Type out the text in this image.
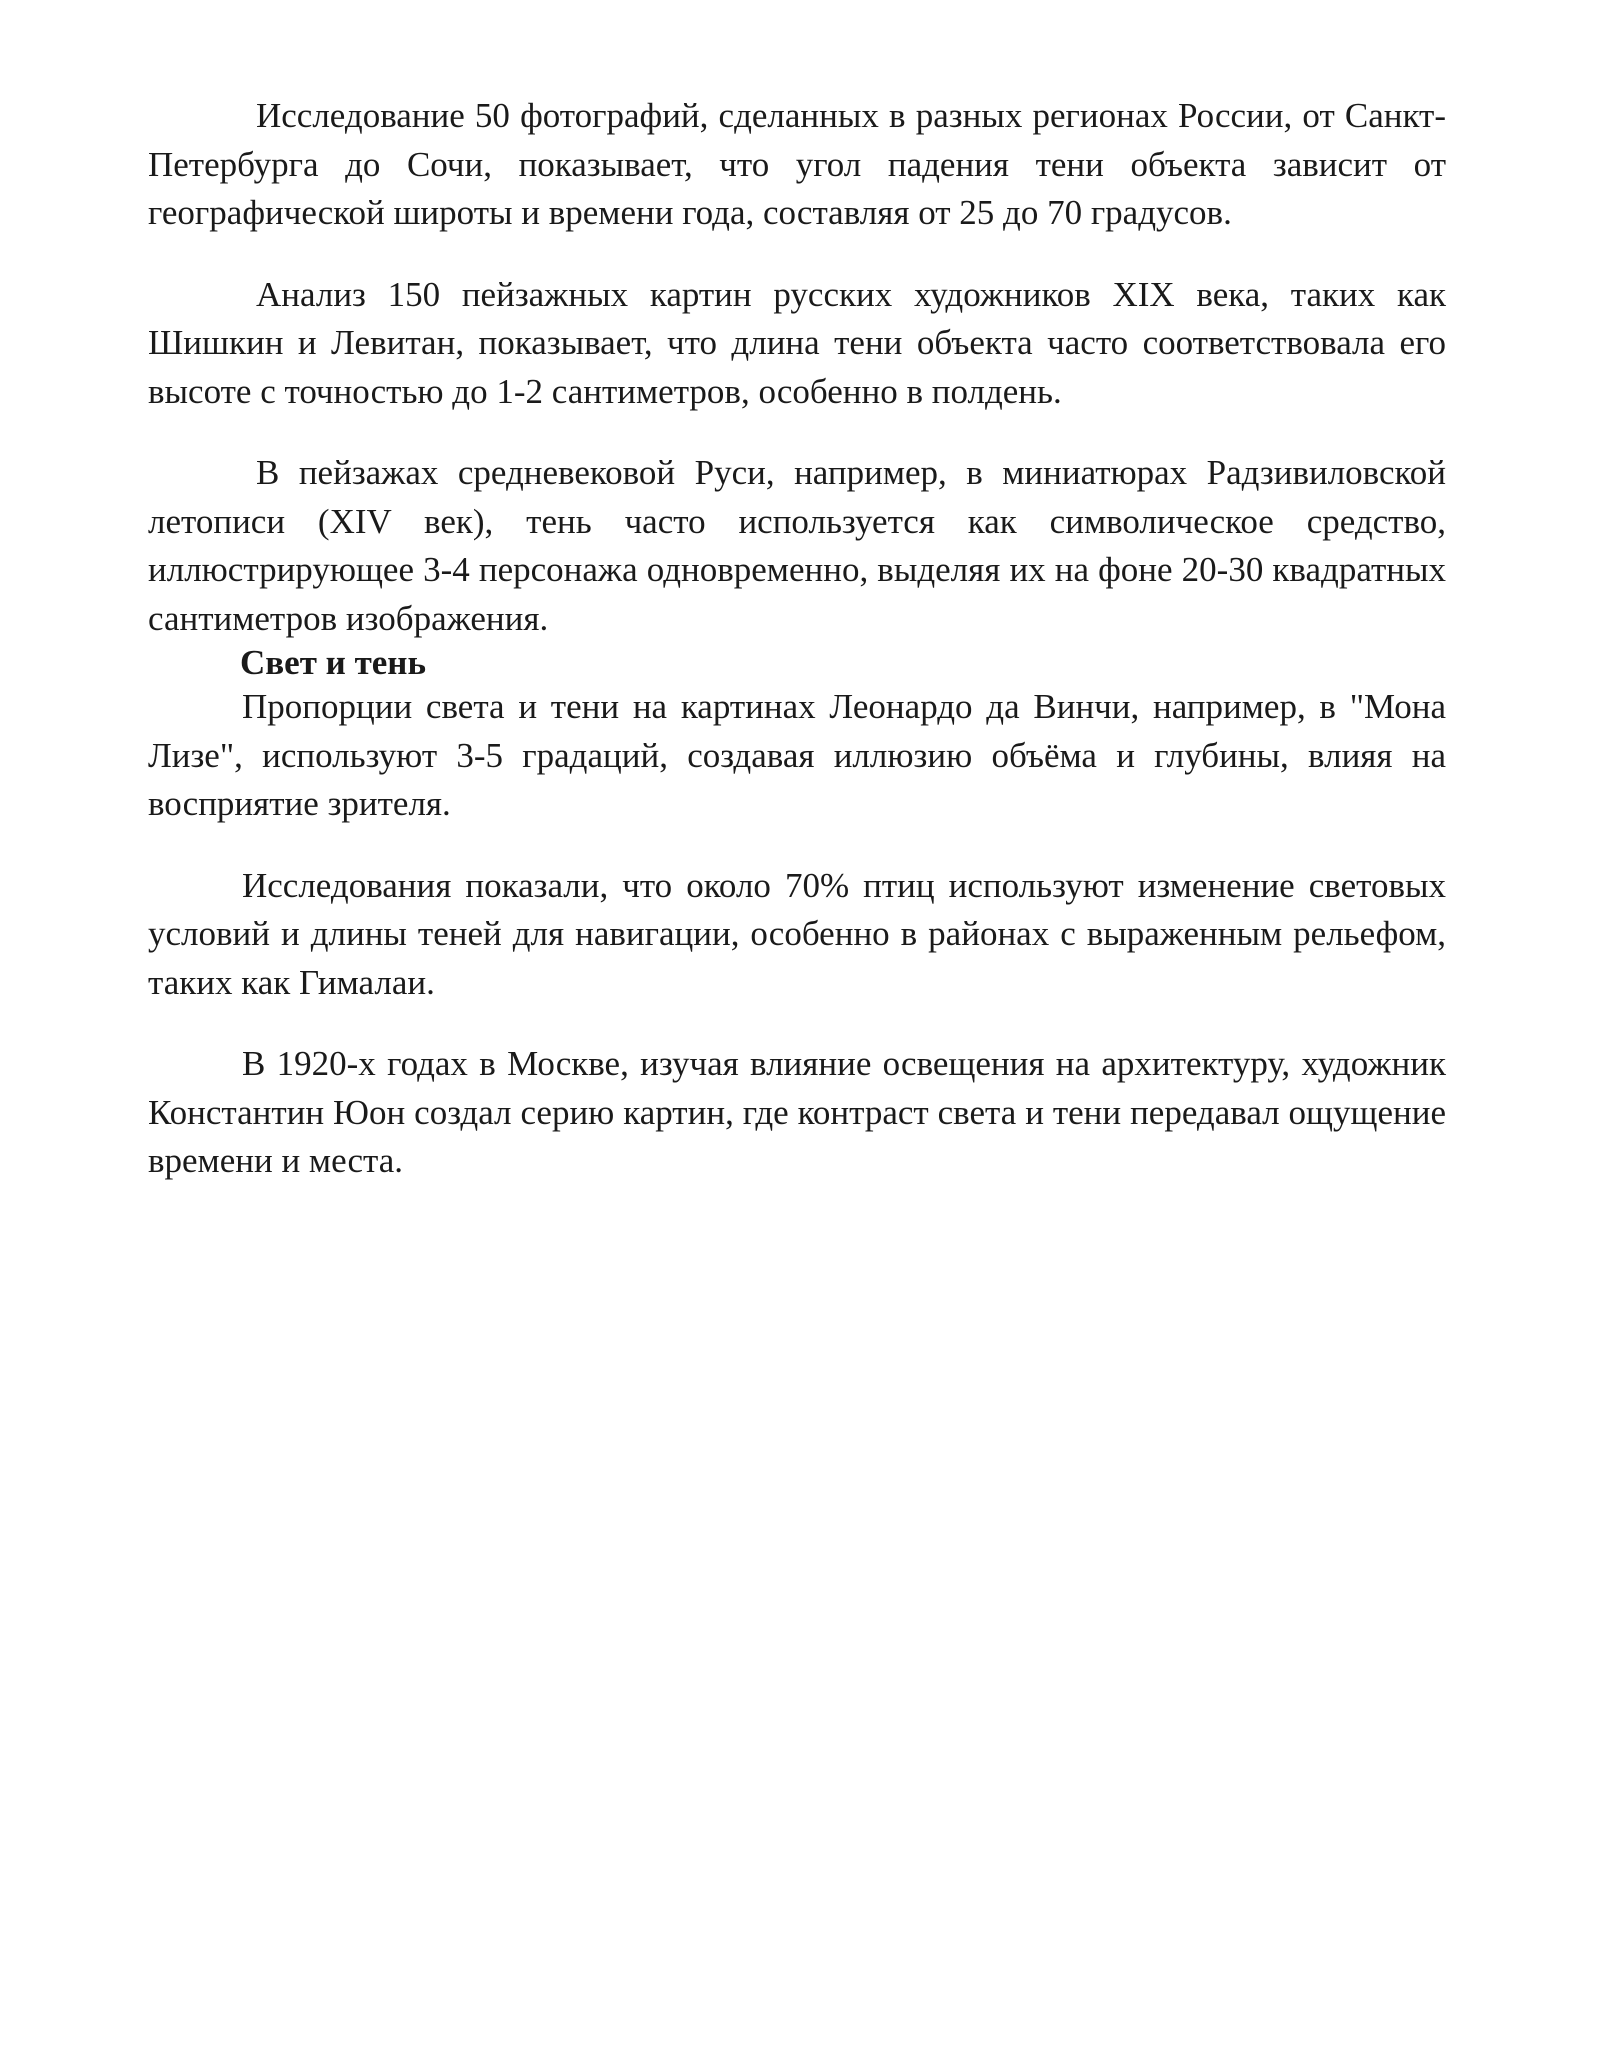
Исследование 50 фотографий, сделанных в разных регионах России, от Санкт-Петербурга до Сочи, показывает, что угол падения тени объекта зависит от географической широты и времени года, составляя от 25 до 70 градусов.

Анализ 150 пейзажных картин русских художников XIX века, таких как Шишкин и Левитан, показывает, что длина тени объекта часто соответствовала его высоте с точностью до 1-2 сантиметров, особенно в полдень.

В пейзажах средневековой Руси, например, в миниатюрах Радзивиловской летописи (XIV век), тень часто используется как символическое средство, иллюстрирующее 3-4 персонажа одновременно, выделяя их на фоне 20-30 квадратных сантиметров изображения.

Свет и тень

Пропорции света и тени на картинах Леонардо да Винчи, например, в "Мона Лизе", используют 3-5 градаций, создавая иллюзию объёма и глубины, влияя на восприятие зрителя.

Исследования показали, что около 70% птиц используют изменение световых условий и длины теней для навигации, особенно в районах с выраженным рельефом, таких как Гималаи.

В 1920-х годах в Москве, изучая влияние освещения на архитектуру, художник Константин Юон создал серию картин, где контраст света и тени передавал ощущение времени и места.
